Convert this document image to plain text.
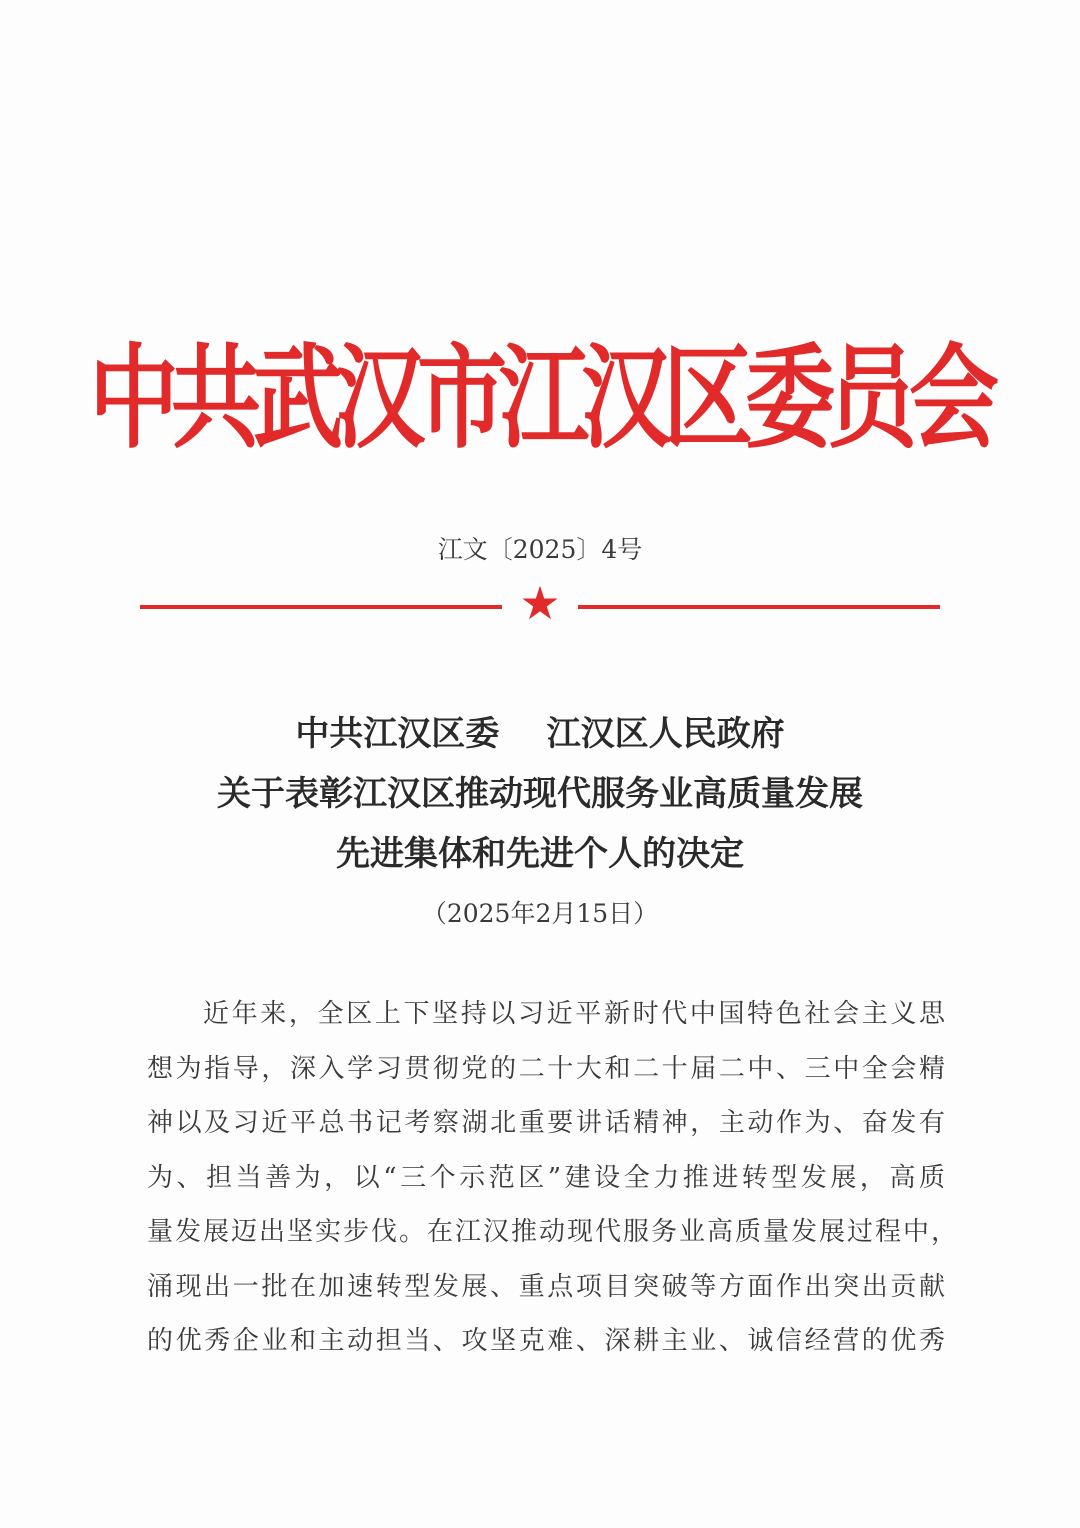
中共武汉市江汉区委员会
江文〔2025〕4号
★
中共江汉区委    江汉区人民政府
关于表彰江汉区推动现代服务业高质量发展
先进集体和先进个人的决定
（2025年2月15日）
近年来，全区上下坚持以习近平新时代中国特色社会主义思
想为指导，深入学习贯彻党的二十大和二十届二中、三中全会精
神以及习近平总书记考察湖北重要讲话精神，主动作为、奋发有
为、担当善为，以“三个示范区”建设全力推进转型发展，高质
量发展迈出坚实步伐。在江汉推动现代服务业高质量发展过程中，
涌现出一批在加速转型发展、重点项目突破等方面作出突出贡献
的优秀企业和主动担当、攻坚克难、深耕主业、诚信经营的优秀
